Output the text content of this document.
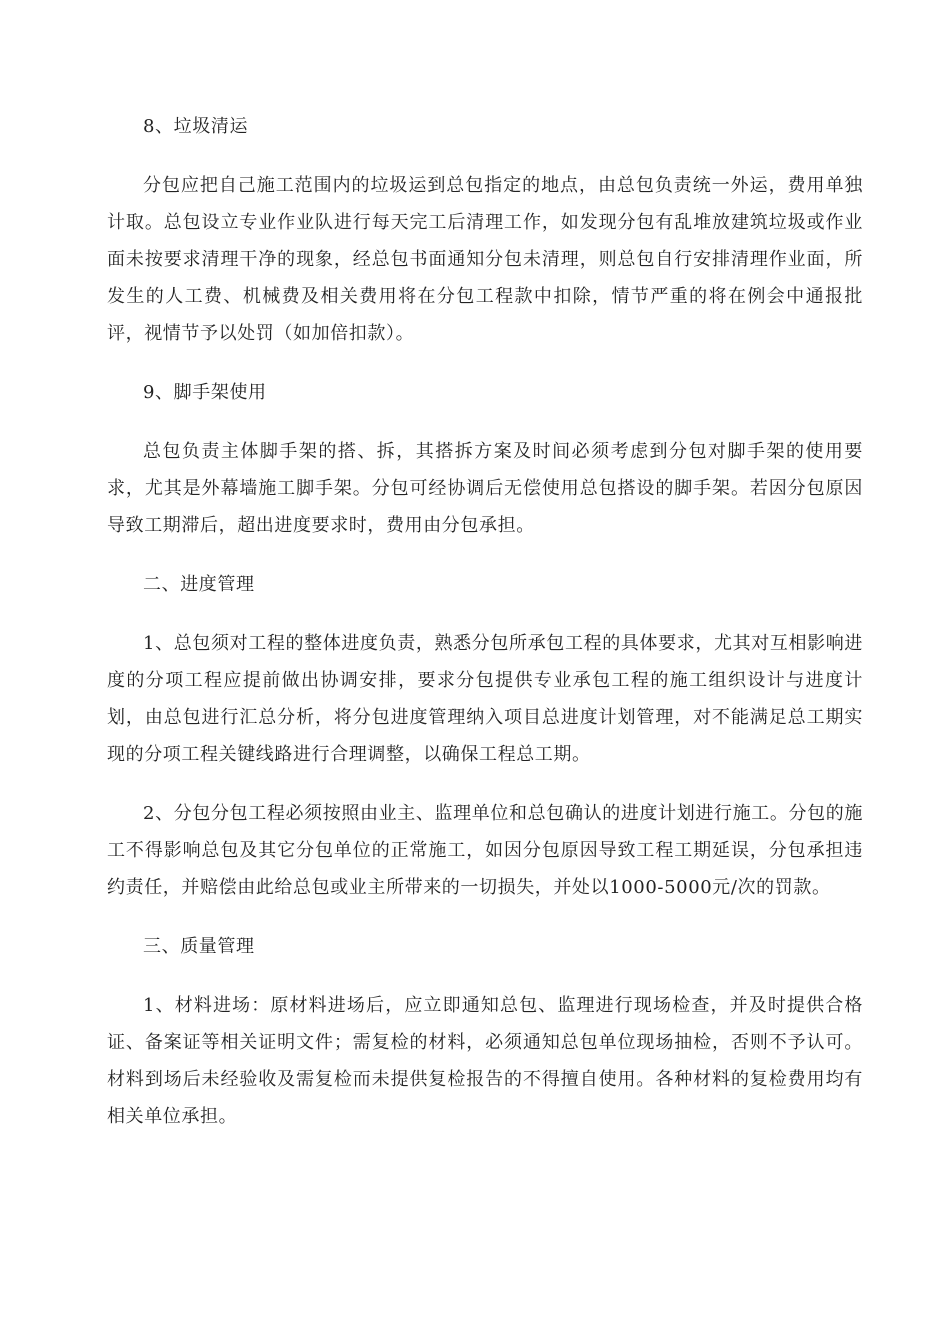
8、垃圾清运

分包应把自己施工范围内的垃圾运到总包指定的地点，由总包负责统一外运，费用单独计取。总包设立专业作业队进行每天完工后清理工作，如发现分包有乱堆放建筑垃圾或作业面未按要求清理干净的现象，经总包书面通知分包未清理，则总包自行安排清理作业面，所发生的人工费、机械费及相关费用将在分包工程款中扣除，情节严重的将在例会中通报批评，视情节予以处罚（如加倍扣款）。

9、脚手架使用

总包负责主体脚手架的搭、拆，其搭拆方案及时间必须考虑到分包对脚手架的使用要求，尤其是外幕墙施工脚手架。分包可经协调后无偿使用总包搭设的脚手架。若因分包原因导致工期滞后，超出进度要求时，费用由分包承担。

二、进度管理

1、总包须对工程的整体进度负责，熟悉分包所承包工程的具体要求，尤其对互相影响进度的分项工程应提前做出协调安排，要求分包提供专业承包工程的施工组织设计与进度计划，由总包进行汇总分析，将分包进度管理纳入项目总进度计划管理，对不能满足总工期实现的分项工程关键线路进行合理调整，以确保工程总工期。

2、分包分包工程必须按照由业主、监理单位和总包确认的进度计划进行施工。分包的施工不得影响总包及其它分包单位的正常施工，如因分包原因导致工程工期延误，分包承担违约责任，并赔偿由此给总包或业主所带来的一切损失，并处以1000-5000元/次的罚款。

三、质量管理

1、材料进场：原材料进场后，应立即通知总包、监理进行现场检查，并及时提供合格证、备案证等相关证明文件；需复检的材料，必须通知总包单位现场抽检，否则不予认可。材料到场后未经验收及需复检而未提供复检报告的不得擅自使用。各种材料的复检费用均有相关单位承担。
